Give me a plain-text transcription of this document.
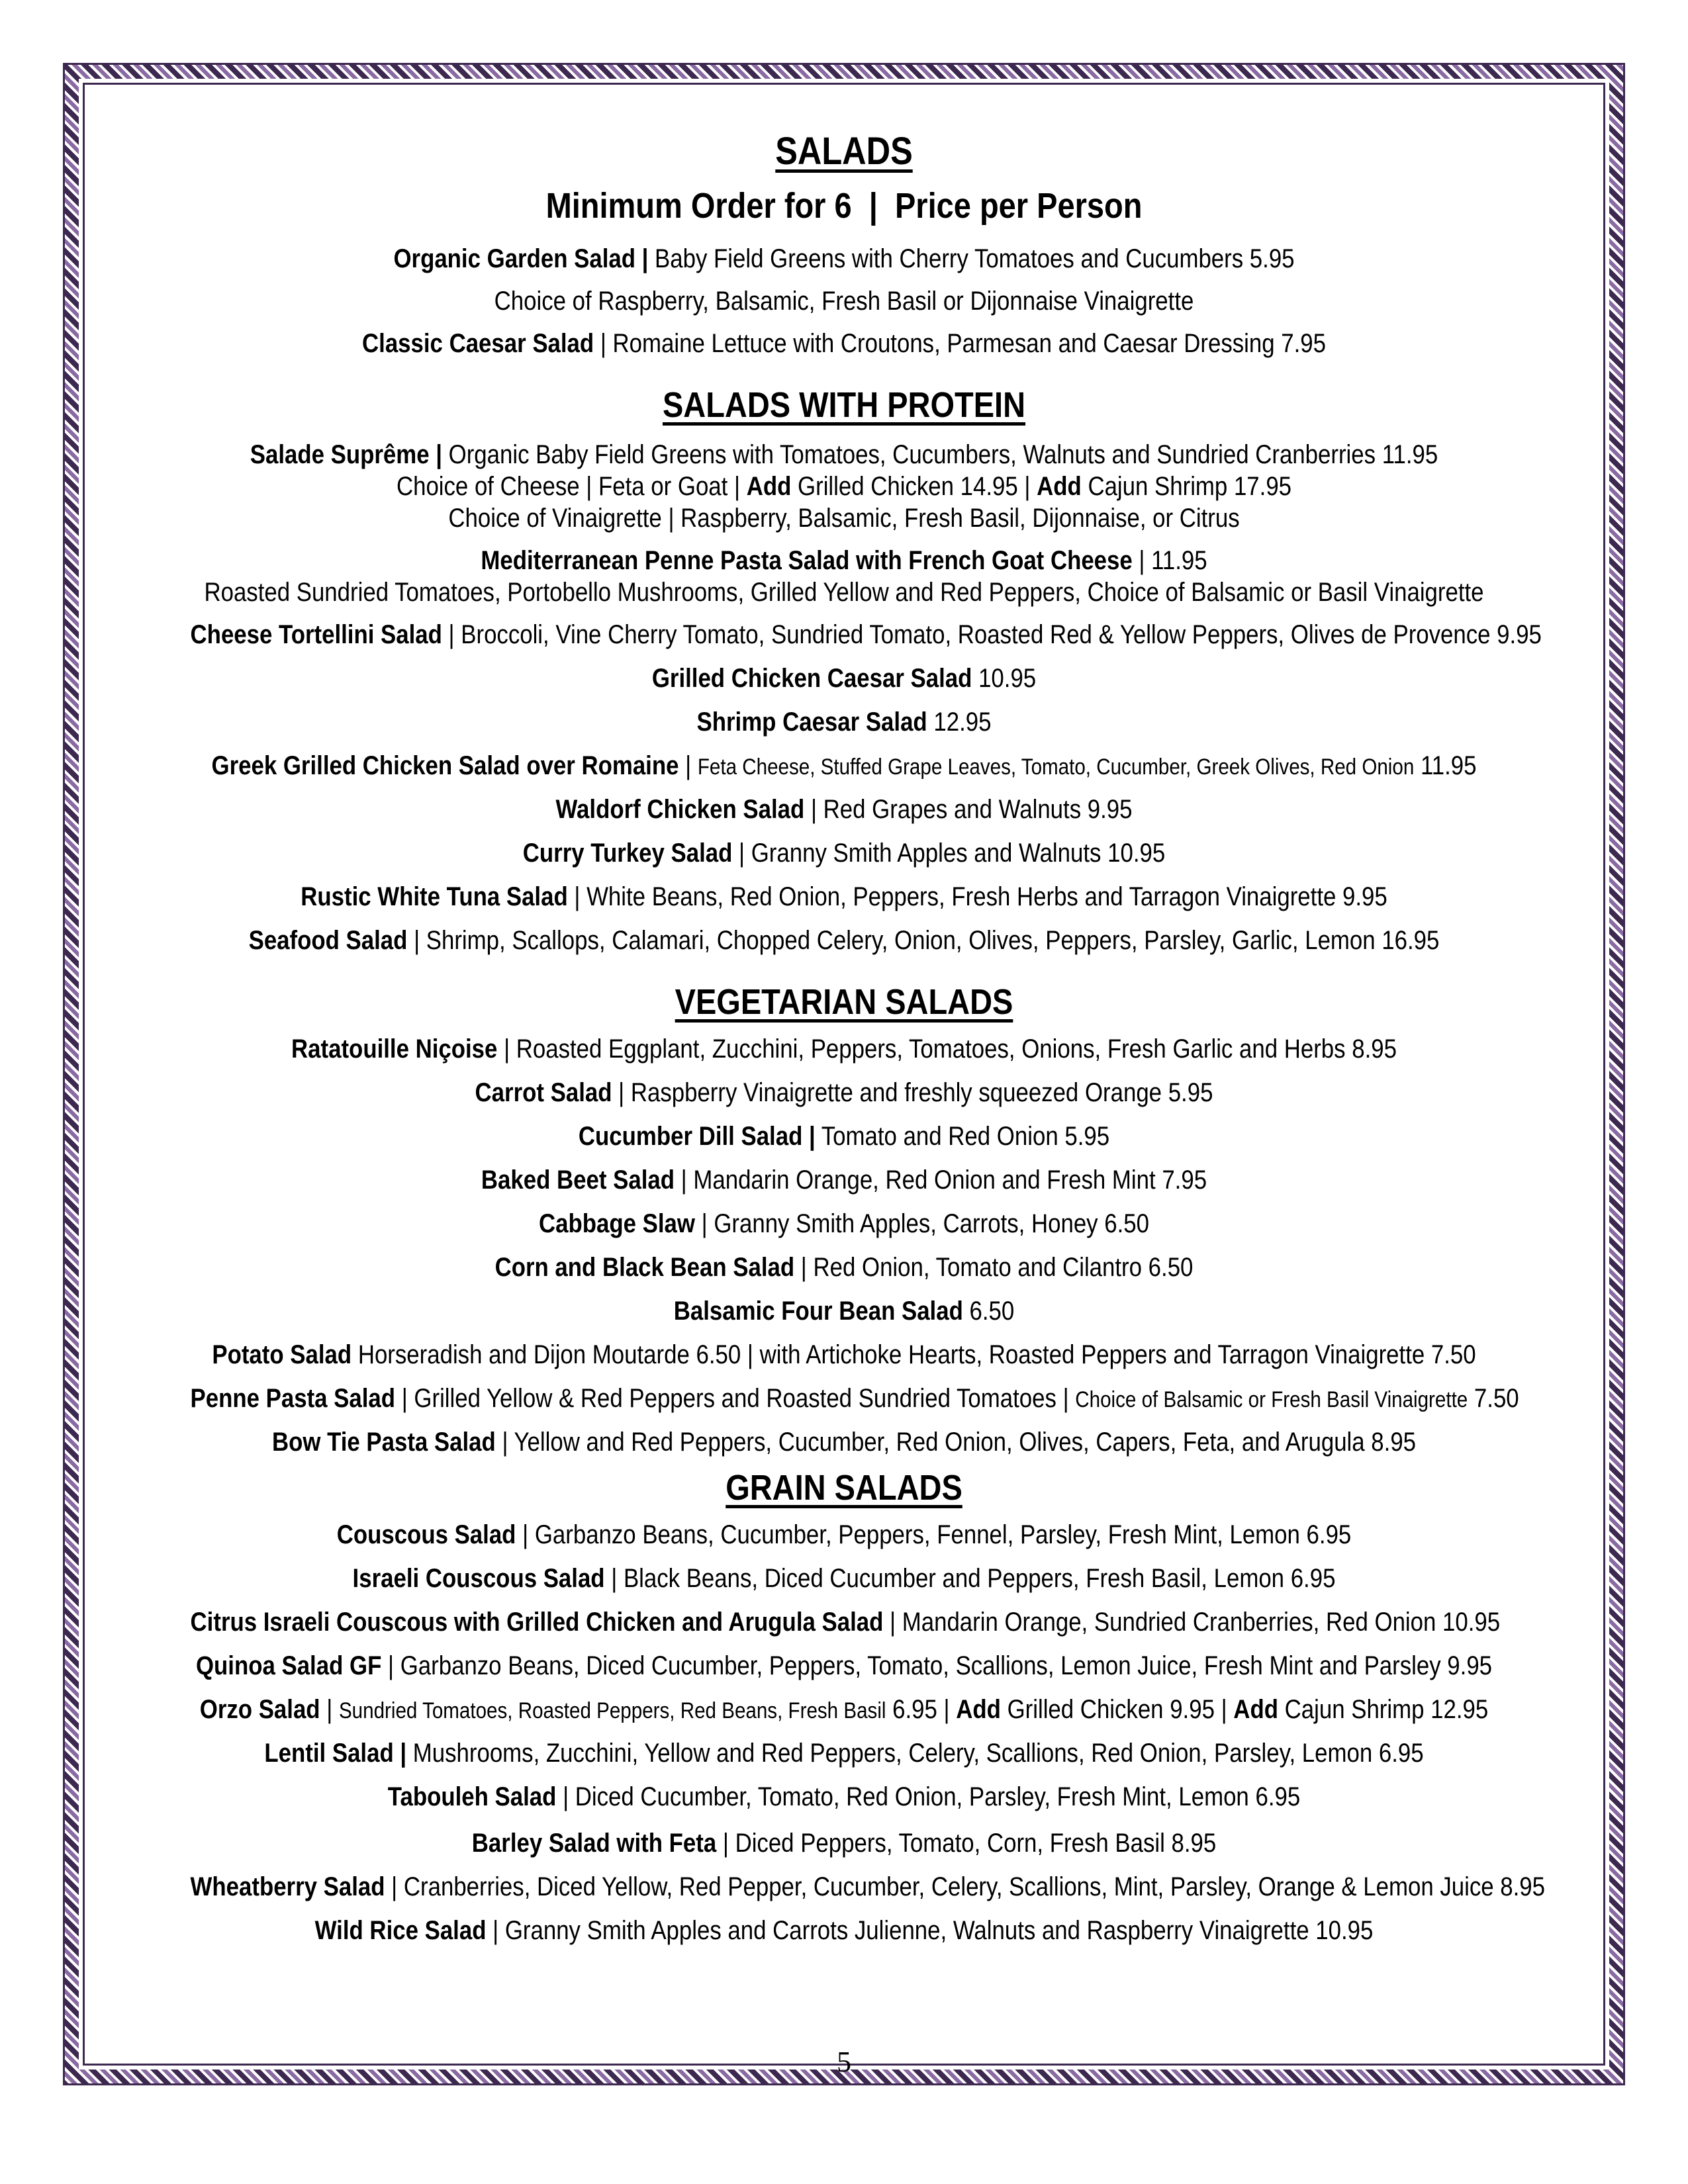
SALADS

Minimum Order for 6  |  Price per Person

Organic Garden Salad | Baby Field Greens with Cherry Tomatoes and Cucumbers 5.95

Choice of Raspberry, Balsamic, Fresh Basil or Dijonnaise Vinaigrette

Classic Caesar Salad | Romaine Lettuce with Croutons, Parmesan and Caesar Dressing 7.95

SALADS WITH PROTEIN

Salade Suprême | Organic Baby Field Greens with Tomatoes, Cucumbers, Walnuts and Sundried Cranberries 11.95

Choice of Cheese | Feta or Goat | Add Grilled Chicken 14.95 | Add Cajun Shrimp 17.95

Choice of Vinaigrette | Raspberry, Balsamic, Fresh Basil, Dijonnaise, or Citrus

Mediterranean Penne Pasta Salad with French Goat Cheese | 11.95

Roasted Sundried Tomatoes, Portobello Mushrooms, Grilled Yellow and Red Peppers, Choice of Balsamic or Basil Vinaigrette

Cheese Tortellini Salad | Broccoli, Vine Cherry Tomato, Sundried Tomato, Roasted Red & Yellow Peppers, Olives de Provence 9.95

Grilled Chicken Caesar Salad 10.95

Shrimp Caesar Salad 12.95

Greek Grilled Chicken Salad over Romaine | Feta Cheese, Stuffed Grape Leaves, Tomato, Cucumber, Greek Olives, Red Onion 11.95

Waldorf Chicken Salad | Red Grapes and Walnuts 9.95

Curry Turkey Salad | Granny Smith Apples and Walnuts 10.95

Rustic White Tuna Salad | White Beans, Red Onion, Peppers, Fresh Herbs and Tarragon Vinaigrette 9.95

Seafood Salad | Shrimp, Scallops, Calamari, Chopped Celery, Onion, Olives, Peppers, Parsley, Garlic, Lemon 16.95

VEGETARIAN SALADS

Ratatouille Niçoise | Roasted Eggplant, Zucchini, Peppers, Tomatoes, Onions, Fresh Garlic and Herbs 8.95

Carrot Salad | Raspberry Vinaigrette and freshly squeezed Orange 5.95

Cucumber Dill Salad | Tomato and Red Onion 5.95

Baked Beet Salad | Mandarin Orange, Red Onion and Fresh Mint 7.95

Cabbage Slaw | Granny Smith Apples, Carrots, Honey 6.50

Corn and Black Bean Salad | Red Onion, Tomato and Cilantro 6.50

Balsamic Four Bean Salad 6.50

Potato Salad Horseradish and Dijon Moutarde 6.50 | with Artichoke Hearts, Roasted Peppers and Tarragon Vinaigrette 7.50

Penne Pasta Salad | Grilled Yellow & Red Peppers and Roasted Sundried Tomatoes | Choice of Balsamic or Fresh Basil Vinaigrette 7.50

Bow Tie Pasta Salad | Yellow and Red Peppers, Cucumber, Red Onion, Olives, Capers, Feta, and Arugula 8.95

GRAIN SALADS

Couscous Salad | Garbanzo Beans, Cucumber, Peppers, Fennel, Parsley, Fresh Mint, Lemon 6.95

Israeli Couscous Salad | Black Beans, Diced Cucumber and Peppers, Fresh Basil, Lemon 6.95

Citrus Israeli Couscous with Grilled Chicken and Arugula Salad | Mandarin Orange, Sundried Cranberries, Red Onion 10.95

Quinoa Salad GF | Garbanzo Beans, Diced Cucumber, Peppers, Tomato, Scallions, Lemon Juice, Fresh Mint and Parsley 9.95

Orzo Salad | Sundried Tomatoes, Roasted Peppers, Red Beans, Fresh Basil 6.95 | Add Grilled Chicken 9.95 | Add Cajun Shrimp 12.95

Lentil Salad | Mushrooms, Zucchini, Yellow and Red Peppers, Celery, Scallions, Red Onion, Parsley, Lemon 6.95

Tabouleh Salad | Diced Cucumber, Tomato, Red Onion, Parsley, Fresh Mint, Lemon 6.95

Barley Salad with Feta | Diced Peppers, Tomato, Corn, Fresh Basil 8.95

Wheatberry Salad | Cranberries, Diced Yellow, Red Pepper, Cucumber, Celery, Scallions, Mint, Parsley, Orange & Lemon Juice 8.95

Wild Rice Salad | Granny Smith Apples and Carrots Julienne, Walnuts and Raspberry Vinaigrette 10.95

5
